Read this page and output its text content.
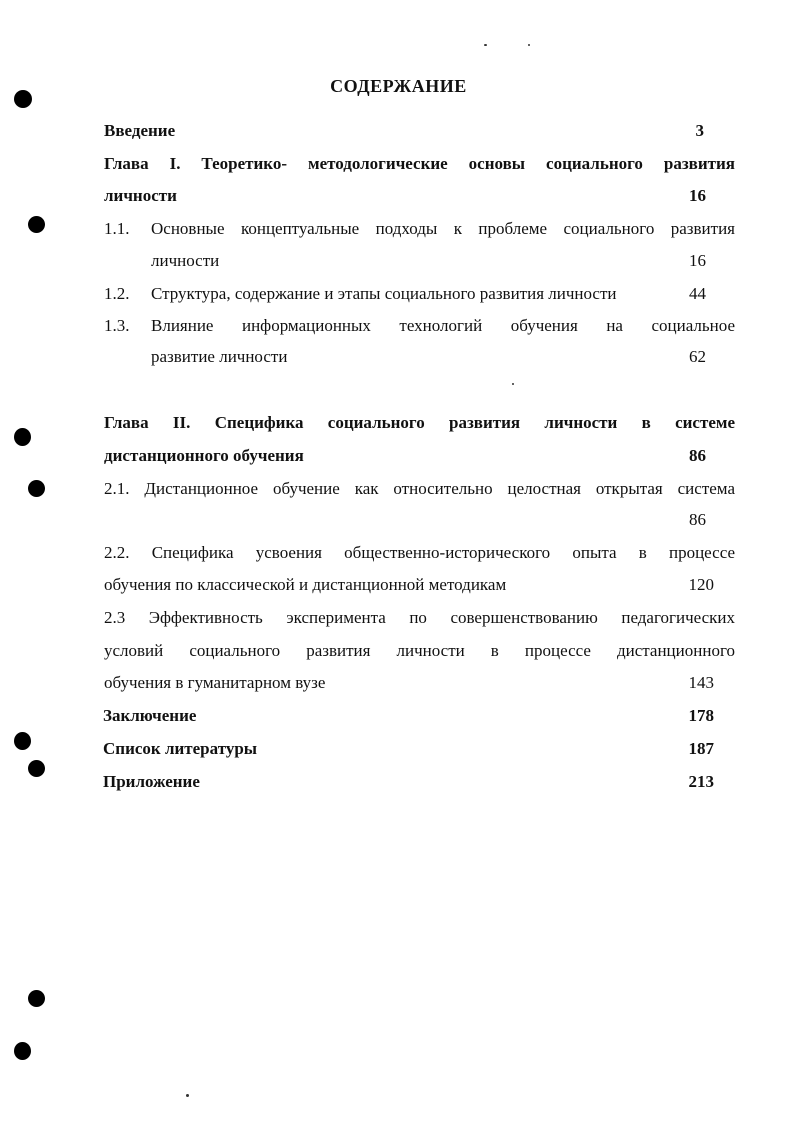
СОДЕРЖАНИЕ
Введение	3
Глава I. Теоретико- методологические основы социального развития
личности	16
1.1. Основные концептуальные подходы к проблеме социального развития
личности	16
1.2. Структура, содержание и этапы социального развития личности	44
1.3. Влияние информационных технологий обучения на социальное
развитие личности	62
Глава II. Специфика социального развития личности в системе
дистанционного обучения	86
2.1. Дистанционное обучение как относительно целостная открытая система
86
2.2. Специфика усвоения общественно-исторического опыта в процессе
обучения по классической и дистанционной методикам	120
2.3 Эффективность эксперимента по совершенствованию педагогических
условий социального развития личности в процессе дистанционного
обучения в гуманитарном вузе	143
Заключение	178
Список литературы	187
Приложение	213
